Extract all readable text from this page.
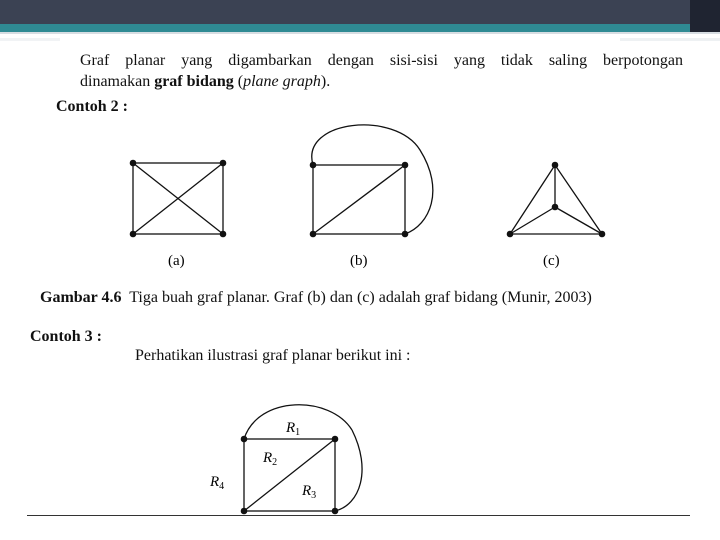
Graf planar yang digambarkan dengan sisi-sisi yang tidak saling berpotongan
dinamakan graf bidang (plane graph).
Contoh 2 :
(a)	(b)	(c)
$R_1$
$R_2$
$R_3$
$R_4$
Gambar 4.6  Tiga buah graf planar. Graf (b) dan (c) adalah graf bidang (Munir, 2003)
Contoh 3 :
Perhatikan ilustrasi graf planar berikut ini :
